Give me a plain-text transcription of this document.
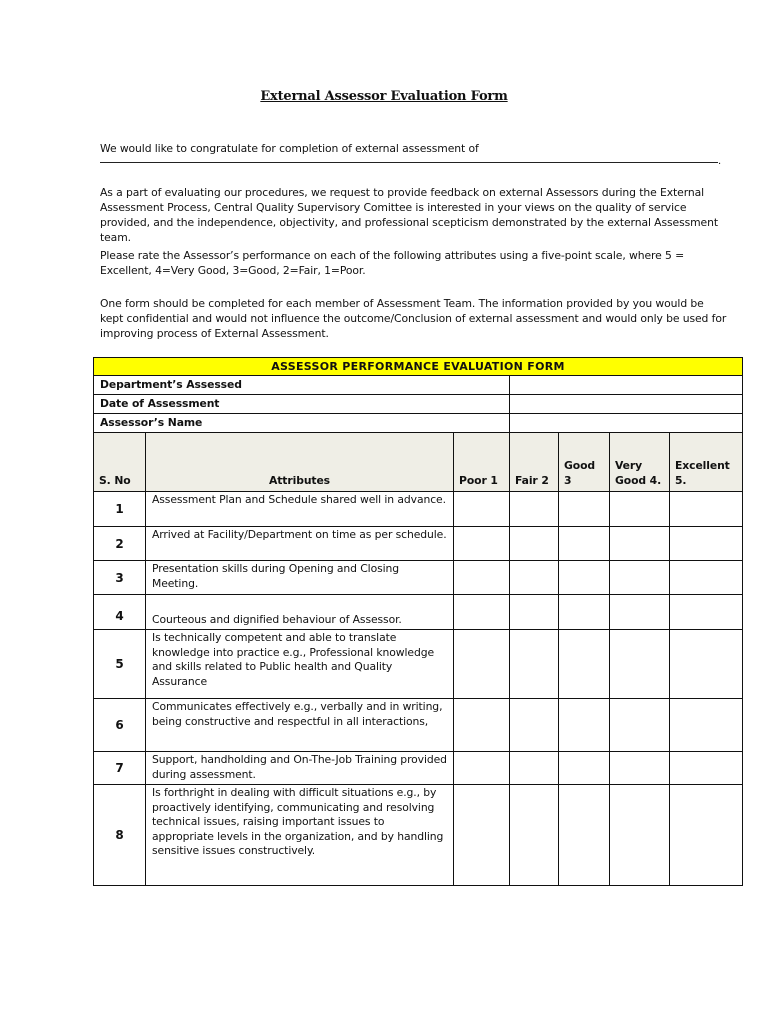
External Assessor Evaluation Form
We would like to congratulate for completion of external assessment of
.
As a part of evaluating our procedures, we request to provide feedback on external Assessors during the External Assessment Process, Central Quality Supervisory Comittee is interested in your views on the quality of service provided, and the independence, objectivity, and professional scepticism demonstrated by the external Assessment team.
Please rate the Assessor’s performance on each of the following attributes using a five-point scale, where 5 = Excellent, 4=Very Good, 3=Good, 2=Fair, 1=Poor.
One form should be completed for each member of Assessment Team. The information provided by you would be kept confidential and would not influence the outcome/Conclusion of external assessment and would only be used for improving process of External Assessment.
ASSESSOR PERFORMANCE EVALUATION FORM						
Department’s Assessed						
Date of Assessment						
Assessor’s Name						
S. No	Attributes	Poor 1	Fair 2	Good 3	Very Good 4.	Excellent 5.
1	Assessment Plan and Schedule shared well in advance.					
2	Arrived at Facility/Department on time as per schedule.					
3	Presentation skills during Opening and Closing Meeting.					
4	Courteous and dignified behaviour of Assessor.					
5	Is technically competent and able to translate knowledge into practice e.g., Professional knowledge and skills related to Public health and Quality Assurance					
6	Communicates effectively e.g., verbally and in writing, being constructive and respectful in all interactions,					
7	Support, handholding and On-The-Job Training provided during assessment.					
8	Is forthright in dealing with difficult situations e.g., by proactively identifying, communicating and resolving technical issues, raising important issues to appropriate levels in the organization, and by handling sensitive issues constructively.					
